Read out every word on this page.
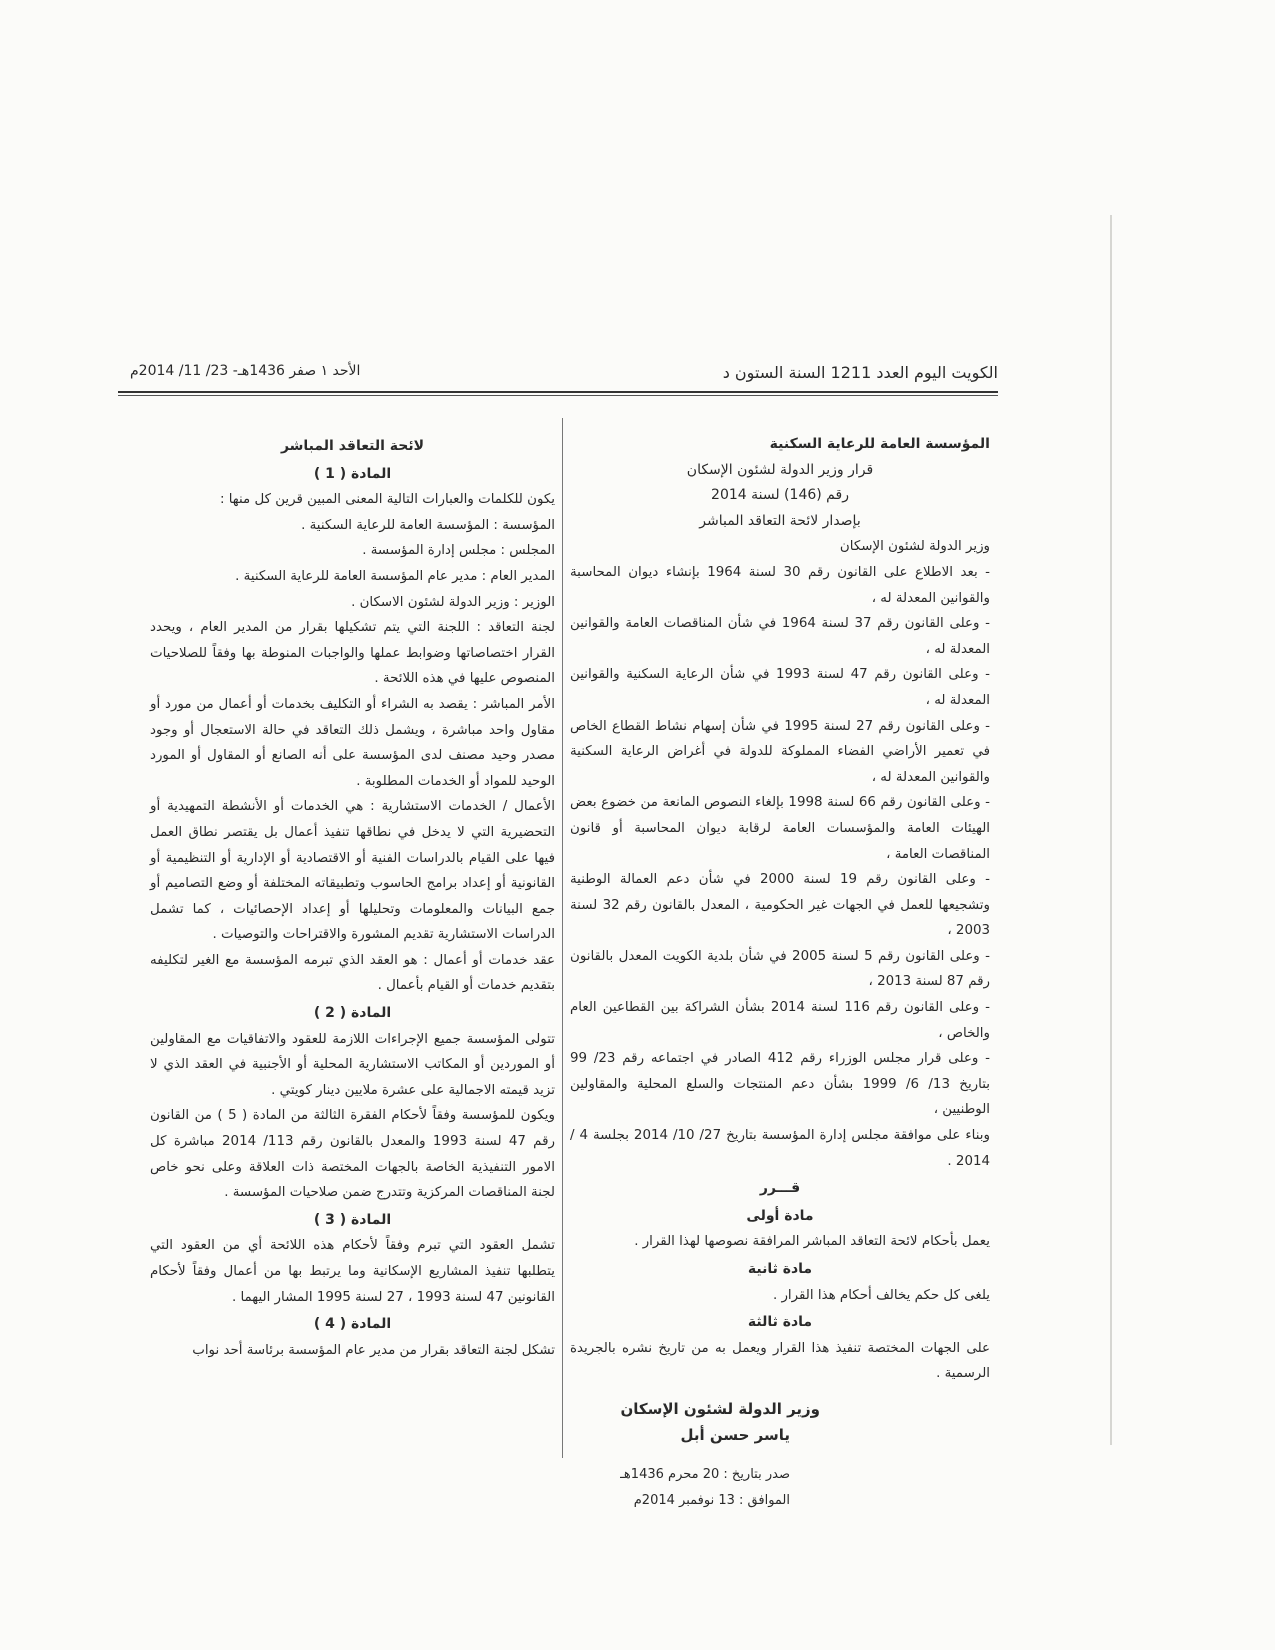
الكويت اليوم العدد 1211 السنة الستون د
الأحد ١ صفر 1436هـ- 23/ 11/ 2014م

المؤسسة العامة للرعاية السكنية

قرار وزير الدولة لشئون الإسكان

رقم (146) لسنة 2014

بإصدار لائحة التعاقد المباشر

وزير الدولة لشئون الإسكان

- بعد الاطلاع على القانون رقم 30 لسنة 1964 بإنشاء ديوان المحاسبة والقوانين المعدلة له ،

- وعلى القانون رقم 37 لسنة 1964 في شأن المناقصات العامة والقوانين المعدلة له ،

- وعلى القانون رقم 47 لسنة 1993 في شأن الرعاية السكنية والقوانين المعدلة له ،

- وعلى القانون رقم 27 لسنة 1995 في شأن إسهام نشاط القطاع الخاص في تعمير الأراضي الفضاء المملوكة للدولة في أغراض الرعاية السكنية والقوانين المعدلة له ،

- وعلى القانون رقم 66 لسنة 1998 بإلغاء النصوص المانعة من خضوع بعض الهيئات العامة والمؤسسات العامة لرقابة ديوان المحاسبة أو قانون المناقصات العامة ،

- وعلى القانون رقم 19 لسنة 2000 في شأن دعم العمالة الوطنية وتشجيعها للعمل في الجهات غير الحكومية ، المعدل بالقانون رقم 32 لسنة 2003 ،

- وعلى القانون رقم 5 لسنة 2005 في شأن بلدية الكويت المعدل بالقانون رقم 87 لسنة 2013 ،

- وعلى القانون رقم 116 لسنة 2014 بشأن الشراكة بين القطاعين العام والخاص ،

- وعلى قرار مجلس الوزراء رقم 412 الصادر في اجتماعه رقم 23/ 99 بتاريخ 13/ 6/ 1999 بشأن دعم المنتجات والسلع المحلية والمقاولين الوطنيين ،

وبناء على موافقة مجلس إدارة المؤسسة بتاريخ 27/ 10/ 2014 بجلسة 4 / 2014 .

قـــرر

مادة أولى

يعمل بأحكام لائحة التعاقد المباشر المرافقة نصوصها لهذا القرار .

مادة ثانية

يلغى كل حكم يخالف أحكام هذا القرار .

مادة ثالثة

على الجهات المختصة تنفيذ هذا القرار ويعمل به من تاريخ نشره بالجريدة الرسمية .

وزير الدولة لشئون الإسكان

ياسر حسن أبل

صدر بتاريخ : 20 محرم 1436هـ

الموافق : 13 نوفمبر 2014م

لائحة التعاقد المباشر

المادة ( 1 )

يكون للكلمات والعبارات التالية المعنى المبين قرين كل منها :

المؤسسة : المؤسسة العامة للرعاية السكنية .

المجلس : مجلس إدارة المؤسسة .

المدير العام : مدير عام المؤسسة العامة للرعاية السكنية .

الوزير : وزير الدولة لشئون الاسكان .

لجنة التعاقد : اللجنة التي يتم تشكيلها بقرار من المدير العام ، ويحدد القرار اختصاصاتها وضوابط عملها والواجبات المنوطة بها وفقاً للصلاحيات المنصوص عليها في هذه اللائحة .

الأمر المباشر : يقصد به الشراء أو التكليف بخدمات أو أعمال من مورد أو مقاول واحد مباشرة ، ويشمل ذلك التعاقد في حالة الاستعجال أو وجود مصدر وحيد مصنف لدى المؤسسة على أنه الصانع أو المقاول أو المورد الوحيد للمواد أو الخدمات المطلوبة .

الأعمال / الخدمات الاستشارية : هي الخدمات أو الأنشطة التمهيدية أو التحضيرية التي لا يدخل في نطاقها تنفيذ أعمال بل يقتصر نطاق العمل فيها على القيام بالدراسات الفنية أو الاقتصادية أو الإدارية أو التنظيمية أو القانونية أو إعداد برامج الحاسوب وتطبيقاته المختلفة أو وضع التصاميم أو جمع البيانات والمعلومات وتحليلها أو إعداد الإحصائيات ، كما تشمل الدراسات الاستشارية تقديم المشورة والاقتراحات والتوصيات .

عقد خدمات أو أعمال : هو العقد الذي تبرمه المؤسسة مع الغير لتكليفه بتقديم خدمات أو القيام بأعمال .

المادة ( 2 )

تتولى المؤسسة جميع الإجراءات اللازمة للعقود والاتفاقيات مع المقاولين أو الموردين أو المكاتب الاستشارية المحلية أو الأجنبية في العقد الذي لا تزيد قيمته الاجمالية على عشرة ملايين دينار كويتي .

ويكون للمؤسسة وفقاً لأحكام الفقرة الثالثة من المادة ( 5 ) من القانون رقم 47 لسنة 1993 والمعدل بالقانون رقم 113/ 2014 مباشرة كل الامور التنفيذية الخاصة بالجهات المختصة ذات العلاقة وعلى نحو خاص لجنة المناقصات المركزية وتتدرج ضمن صلاحيات المؤسسة .

المادة ( 3 )

تشمل العقود التي تبرم وفقاً لأحكام هذه اللائحة أي من العقود التي يتطلبها تنفيذ المشاريع الإسكانية وما يرتبط بها من أعمال وفقاً لأحكام القانونين 47 لسنة 1993 ، 27 لسنة 1995 المشار اليهما .

المادة ( 4 )

تشكل لجنة التعاقد بقرار من مدير عام المؤسسة برئاسة أحد نواب
